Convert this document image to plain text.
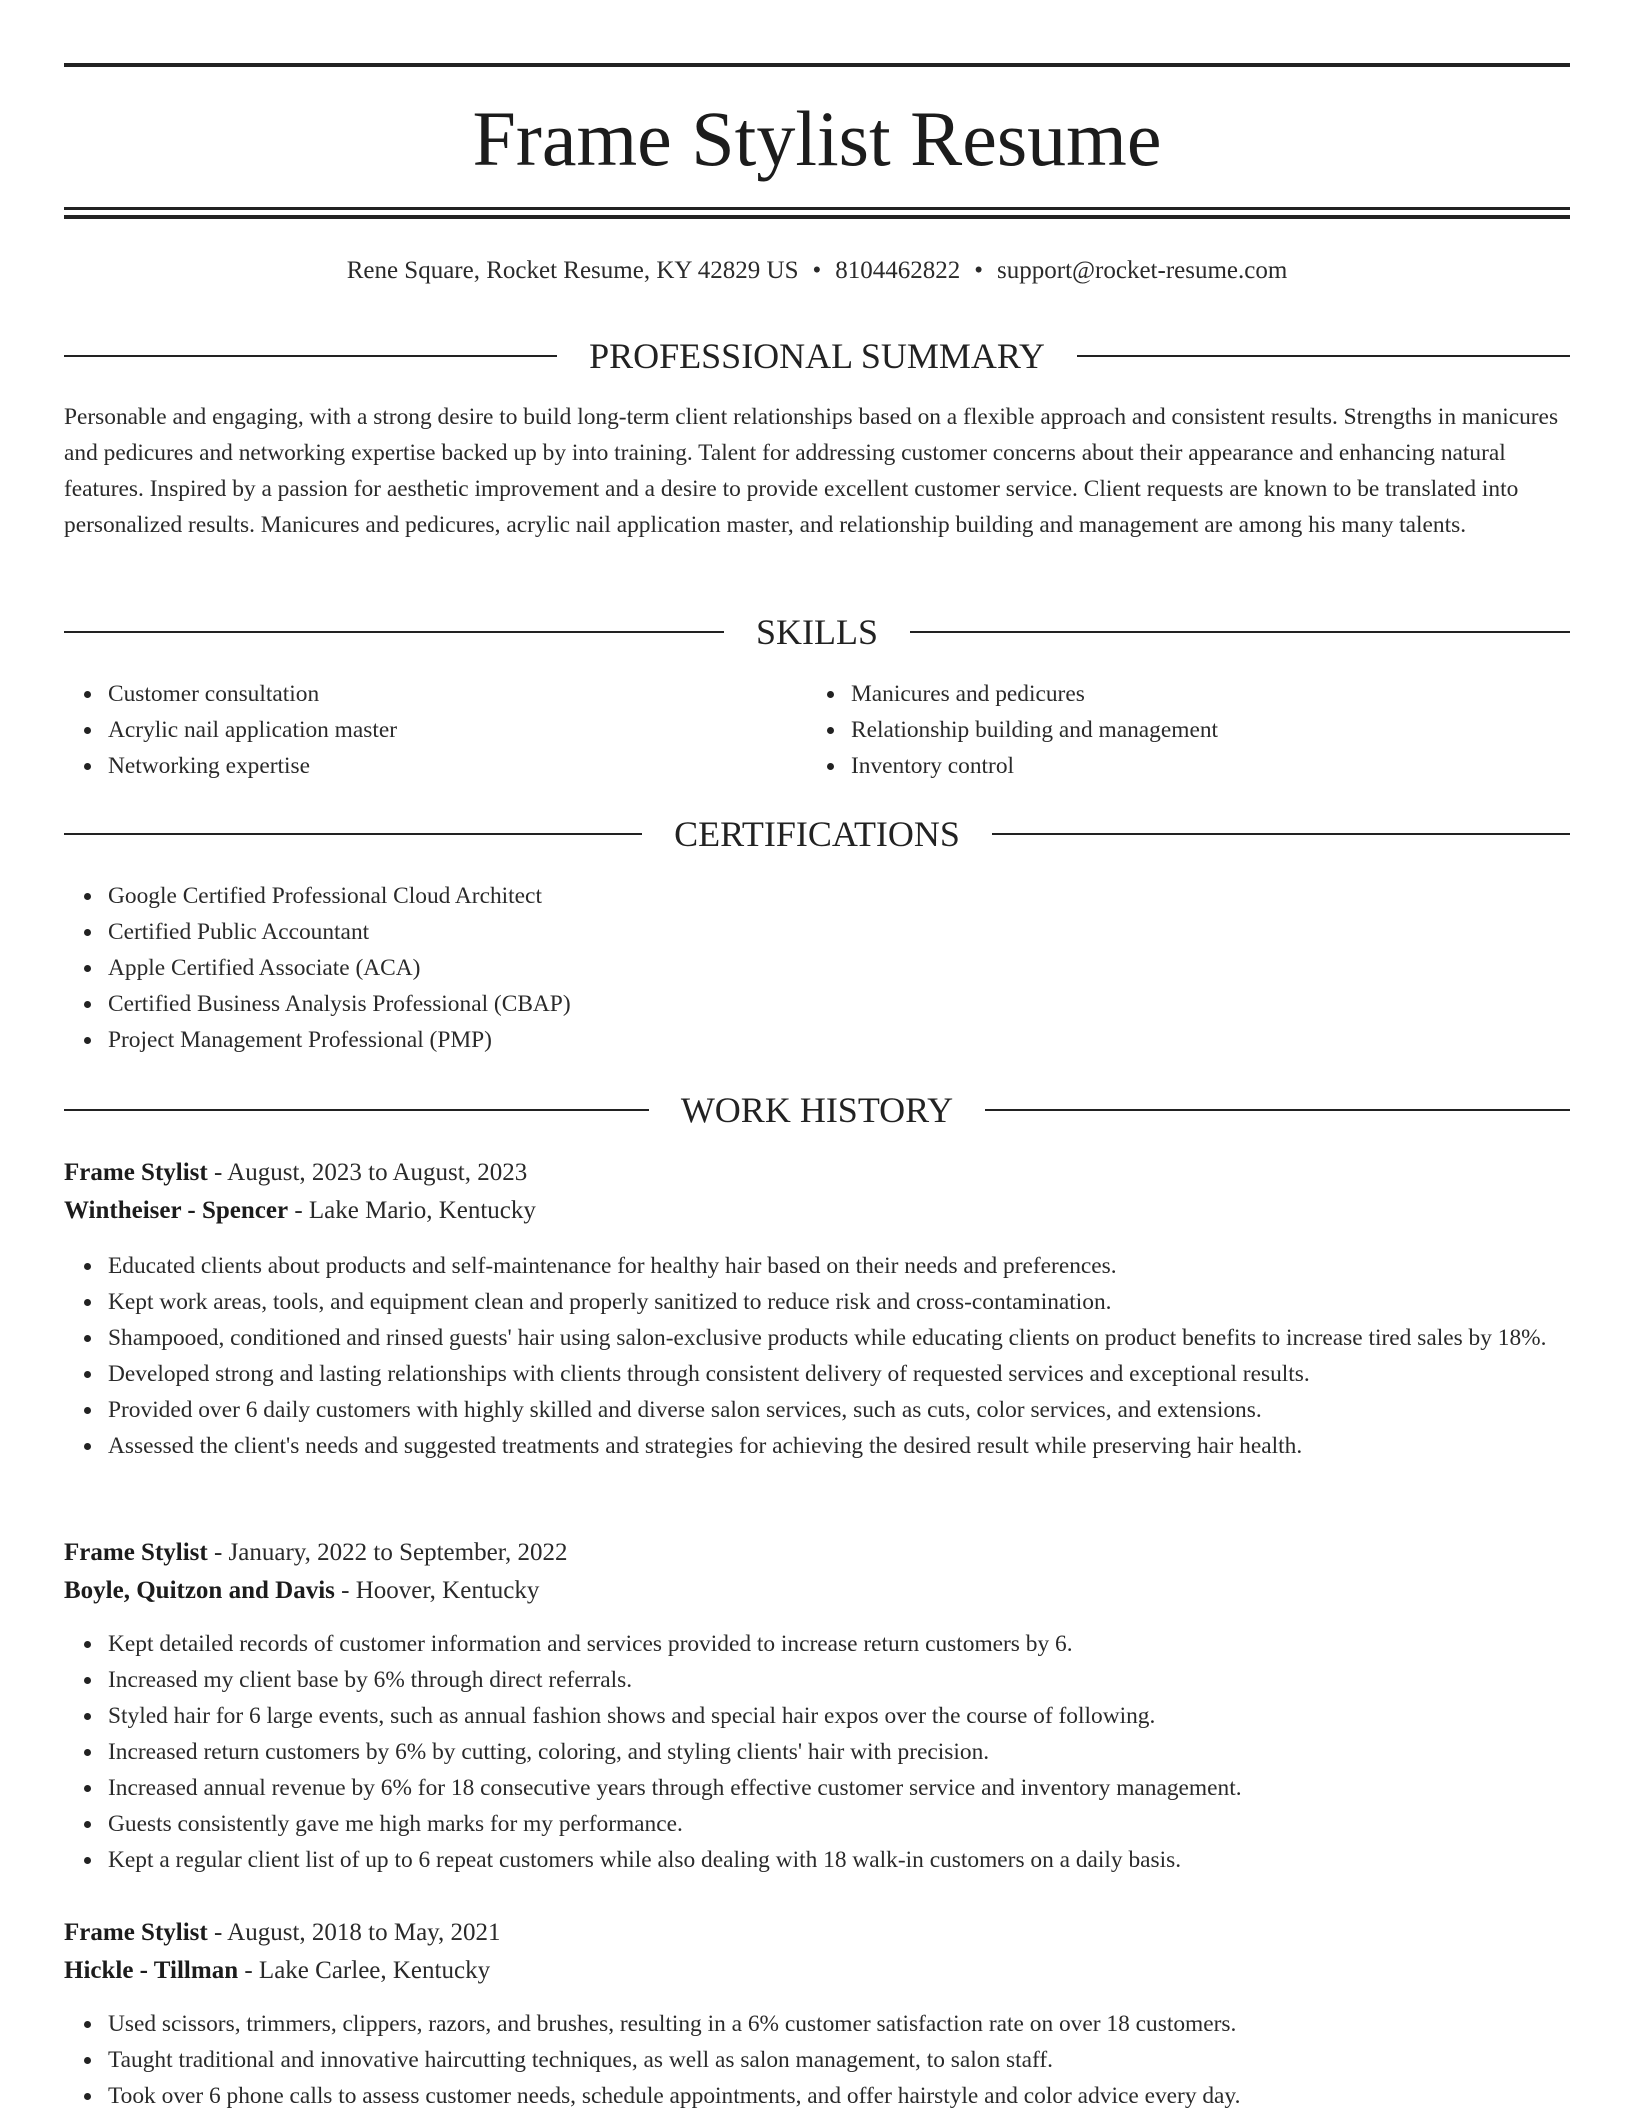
Frame Stylist Resume
Rene Square, Rocket Resume, KY 42829 US • 8104462822 • support@rocket-resume.com
PROFESSIONAL SUMMARY

Personable and engaging, with a strong desire to build long-term client relationships based on a flexible approach and consistent results. Strengths in manicures and pedicures and networking expertise backed up by into training. Talent for addressing customer concerns about their appearance and enhancing natural features. Inspired by a passion for aesthetic improvement and a desire to provide excellent customer service. Client requests are known to be translated into personalized results. Manicures and pedicures, acrylic nail application master, and relationship building and management are among his many talents.

SKILLS
Customer consultation
Acrylic nail application master
Networking expertise
Manicures and pedicures
Relationship building and management
Inventory control
CERTIFICATIONS
Google Certified Professional Cloud Architect
Certified Public Accountant
Apple Certified Associate (ACA)
Certified Business Analysis Professional (CBAP)
Project Management Professional (PMP)
WORK HISTORY
Frame Stylist - August, 2023 to August, 2023
Wintheiser - Spencer - Lake Mario, Kentucky
Educated clients about products and self-maintenance for healthy hair based on their needs and preferences.
Kept work areas, tools, and equipment clean and properly sanitized to reduce risk and cross-contamination.
Shampooed, conditioned and rinsed guests' hair using salon-exclusive products while educating clients on product benefits to increase tired sales by 18%.
Developed strong and lasting relationships with clients through consistent delivery of requested services and exceptional results.
Provided over 6 daily customers with highly skilled and diverse salon services, such as cuts, color services, and extensions.
Assessed the client's needs and suggested treatments and strategies for achieving the desired result while preserving hair health.
Frame Stylist - January, 2022 to September, 2022
Boyle, Quitzon and Davis - Hoover, Kentucky
Kept detailed records of customer information and services provided to increase return customers by 6.
Increased my client base by 6% through direct referrals.
Styled hair for 6 large events, such as annual fashion shows and special hair expos over the course of following.
Increased return customers by 6% by cutting, coloring, and styling clients' hair with precision.
Increased annual revenue by 6% for 18 consecutive years through effective customer service and inventory management.
Guests consistently gave me high marks for my performance.
Kept a regular client list of up to 6 repeat customers while also dealing with 18 walk-in customers on a daily basis.
Frame Stylist - August, 2018 to May, 2021
Hickle - Tillman - Lake Carlee, Kentucky
Used scissors, trimmers, clippers, razors, and brushes, resulting in a 6% customer satisfaction rate on over 18 customers.
Taught traditional and innovative haircutting techniques, as well as salon management, to salon staff.
Took over 6 phone calls to assess customer needs, schedule appointments, and offer hairstyle and color advice every day.
